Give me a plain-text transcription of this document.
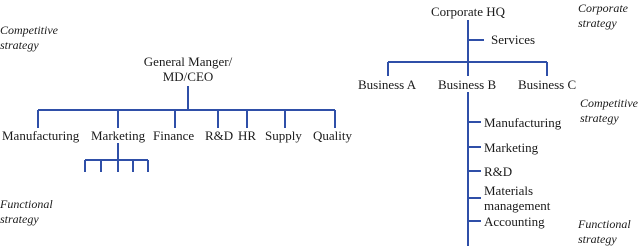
Competitive
strategy
General Manger/
MD/CEO
Manufacturing Marketing Finance R&D HR Supply Quality
Functional
strategy
Corporate HQ	Corporate
strategy
Services
Business A Business B Business C
Competitive
strategy
Manufacturing
Marketing
R&D
Materials
management
Accounting	Functional
strategy
